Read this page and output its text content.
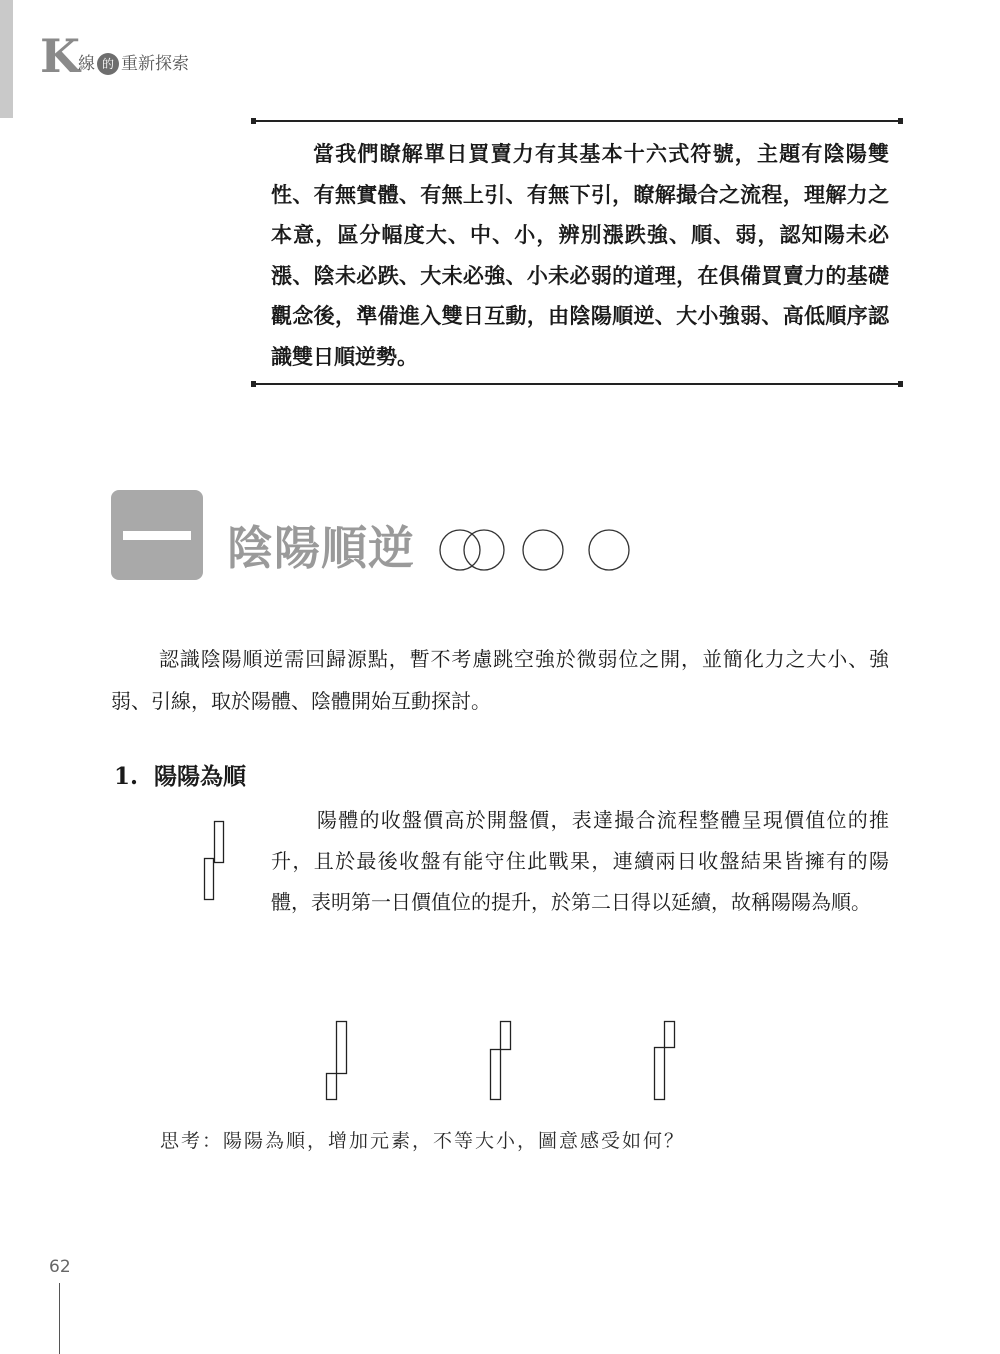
K
線 的 重新探索

當我們瞭解單日買賣力有其基本十六式符號，主題有陰陽雙性、有無實體、有無上引、有無下引，瞭解撮合之流程，理解力之本意，區分幅度大、中、小，辨別漲跌強、順、弱，認知陽未必漲、陰未必跌、大未必強、小未必弱的道理，在俱備買賣力的基礎觀念後，準備進入雙日互動，由陰陽順逆、大小強弱、高低順序認識雙日順逆勢。

陰陽順逆

認識陰陽順逆需回歸源點，暫不考慮跳空強於微弱位之開，並簡化力之大小、強弱、引線，取於陽體、陰體開始互動探討。

1. 陽陽為順

陽體的收盤價高於開盤價，表達撮合流程整體呈現價值位的推升，且於最後收盤有能守住此戰果，連續兩日收盤結果皆擁有的陽體，表明第一日價值位的提升，於第二日得以延續，故稱陽陽為順。

思考：陽陽為順，增加元素，不等大小，圖意感受如何？
62
